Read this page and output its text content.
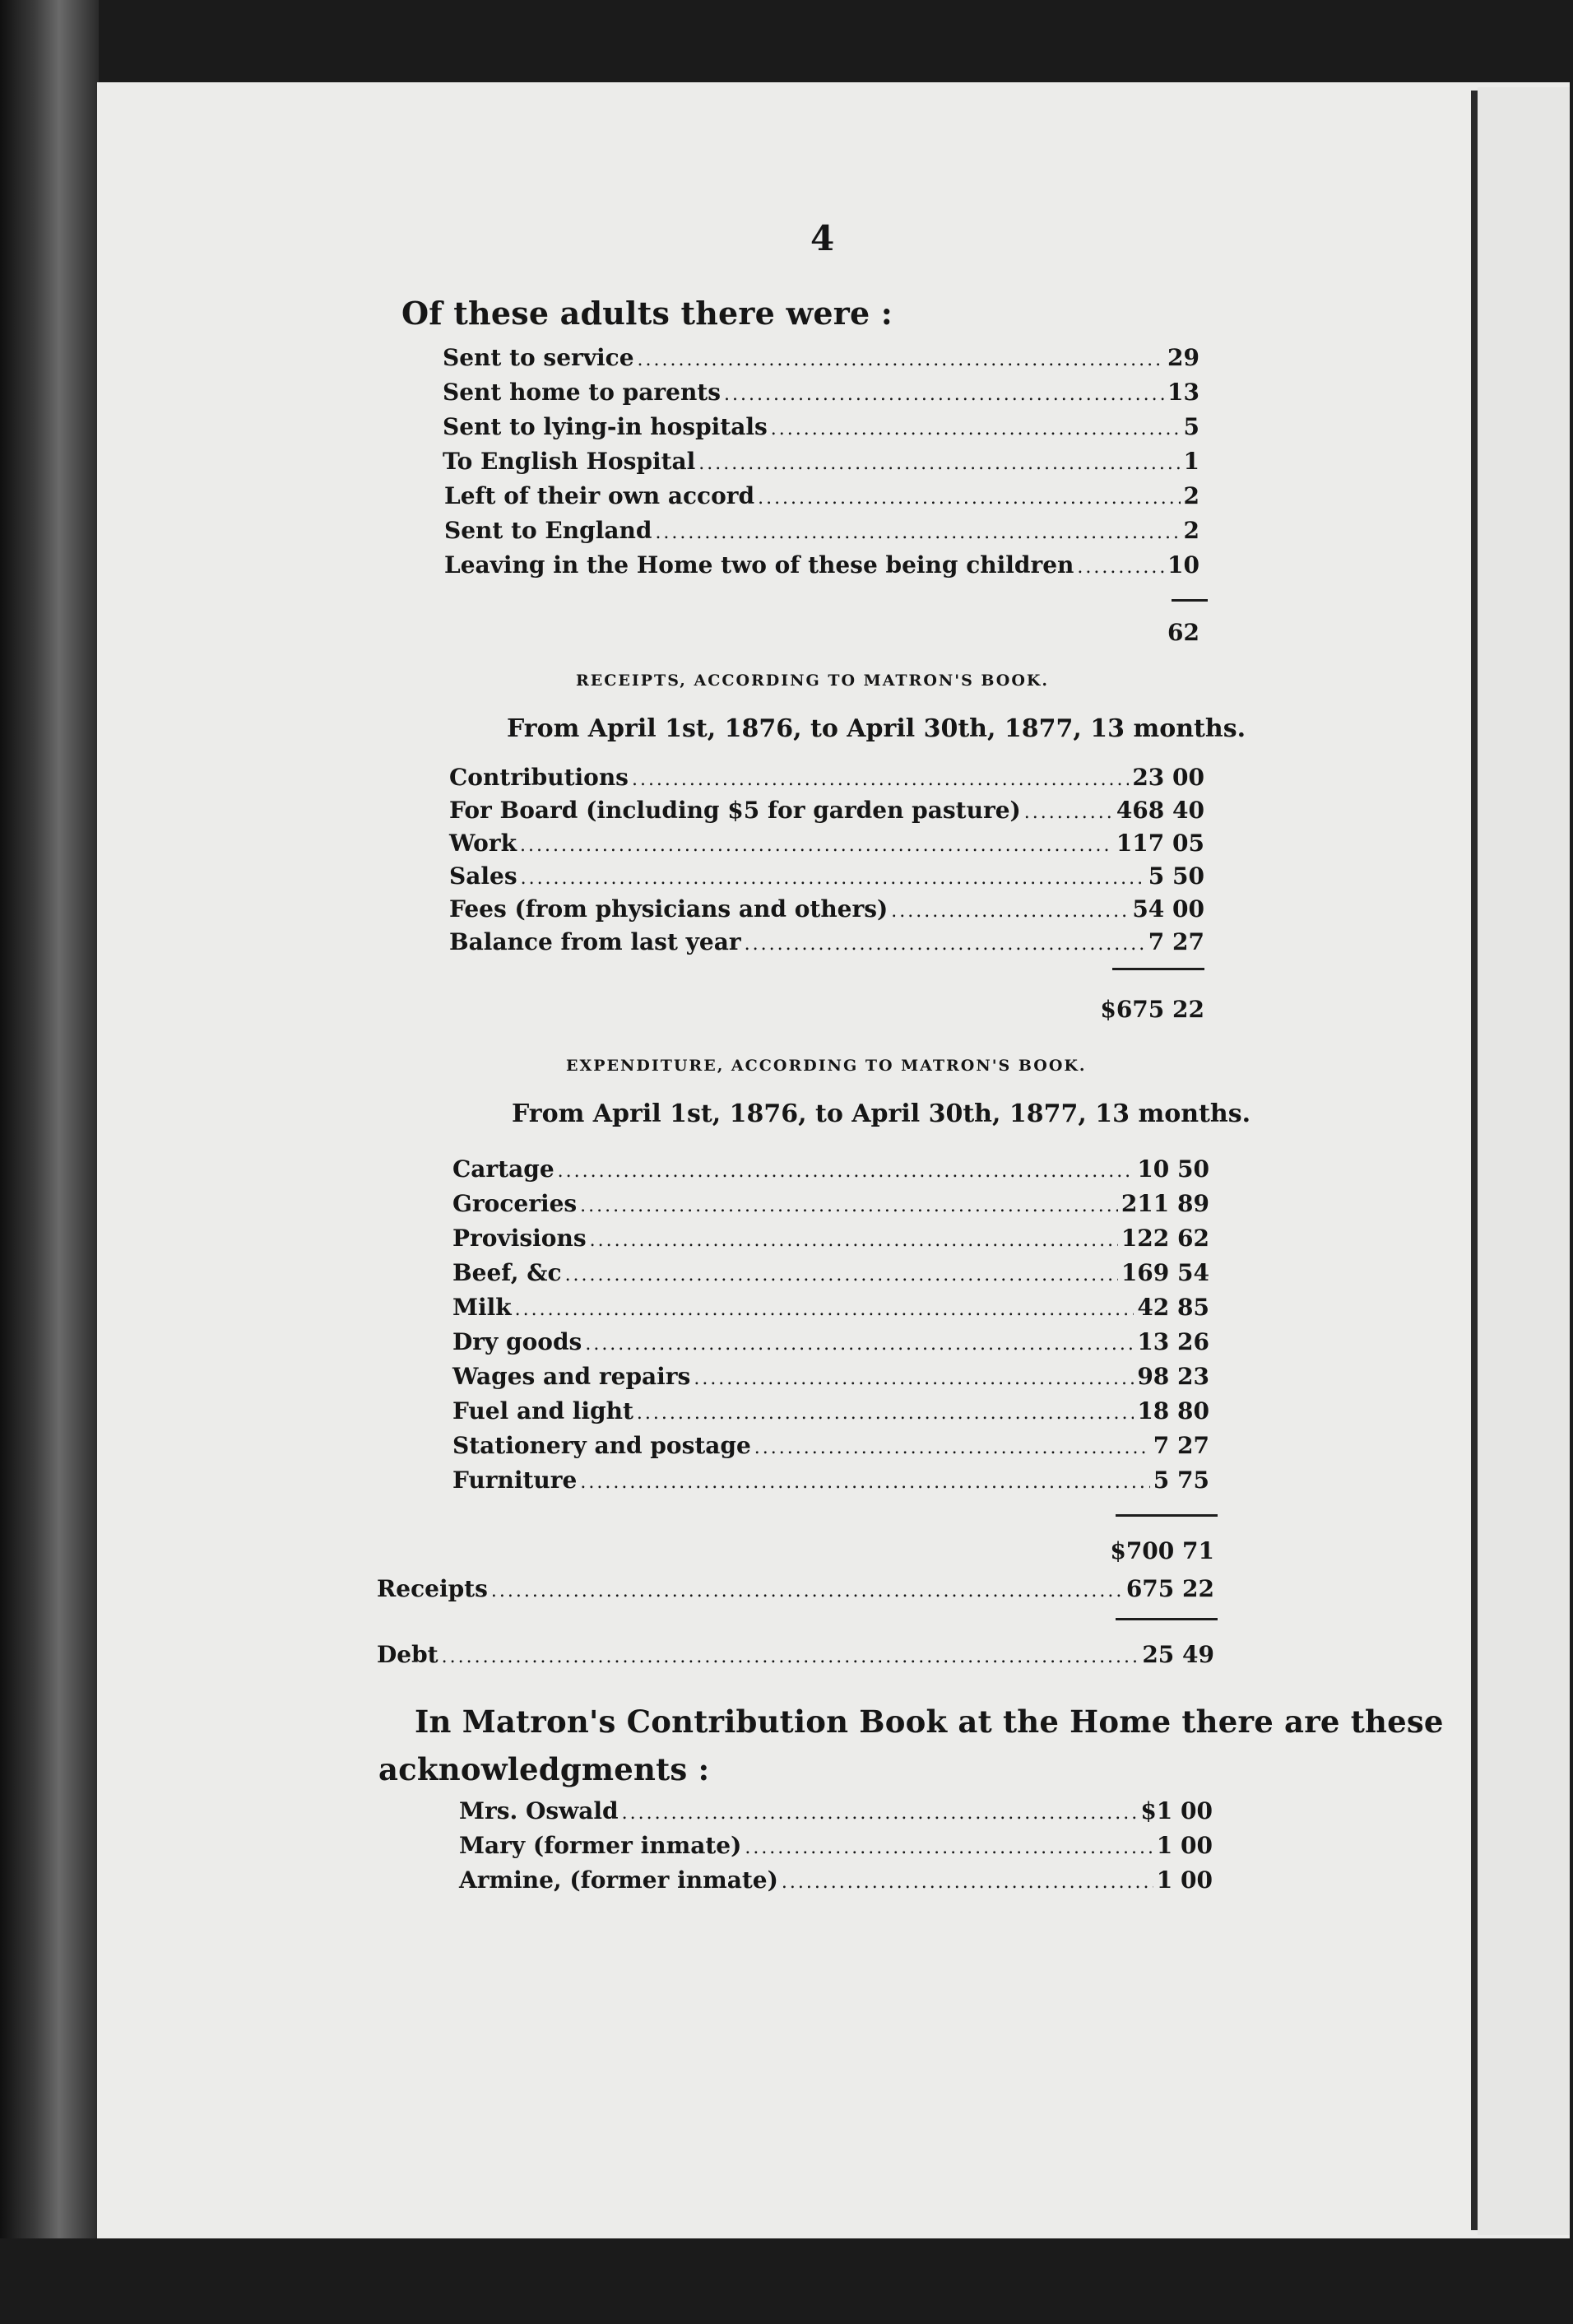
4
Of these adults there were :
Sent to service .....	29
Sent home to parents .....	13
Sent to lying-in hospitals .....	5
To English Hospital .....	1
Left of their own accord .....	2
Sent to England .....	2
Leaving in the Home two of these being children .....	10
62
RECEIPTS, ACCORDING TO MATRON'S BOOK.
From April 1st, 1876, to April 30th, 1877, 13 months.
Contributions .....	23 00
For Board (including $5 for garden pasture) .....	468 40
Work .....	117 05
Sales .....	5 50
Fees (from physicians and others) .....	54 00
Balance from last year .....	7 27
$675 22
EXPENDITURE, ACCORDING TO MATRON'S BOOK.
From April 1st, 1876, to April 30th, 1877, 13 months.
Cartage .....	10 50
Groceries .....	211 89
Provisions .....	122 62
Beef, &c .....	169 54
Milk .....	42 85
Dry goods .....	13 26
Wages and repairs .....	98 23
Fuel and light .....	18 80
Stationery and postage .....	7 27
Furniture .....	5 75
$700 71
Receipts .....	675 22
Debt .....	25 49
In Matron's Contribution Book at the Home there are these
acknowledgments :
Mrs. Oswald .....	$1 00
Mary (former inmate) .....	1 00
Armine, (former inmate) .....	1 00
